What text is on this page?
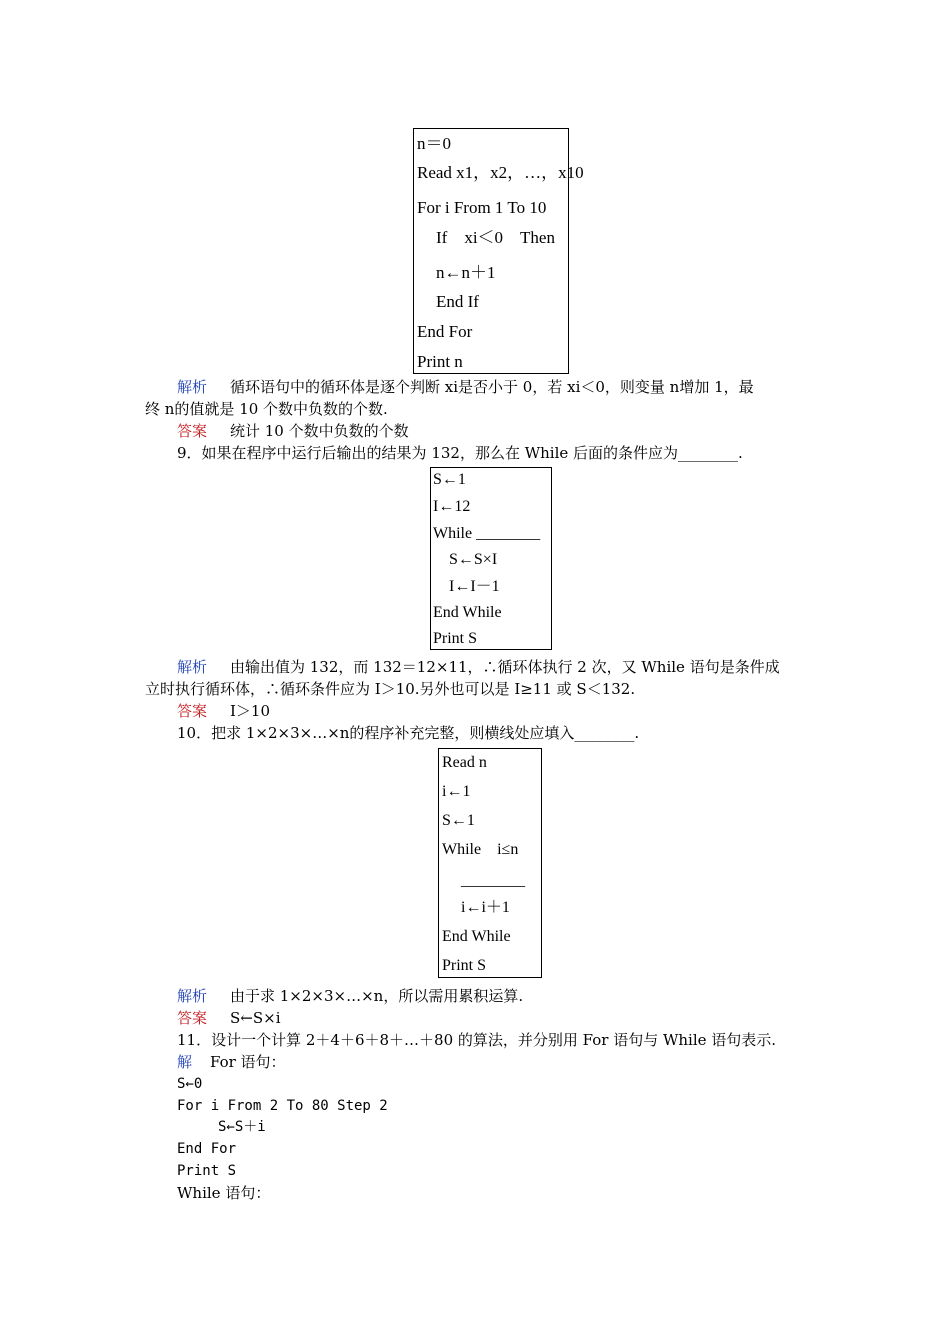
n＝0
Read x1，x2，…，x10
For i From 1 To 10
If　xi＜0　Then
n←n＋1
End If
End For
Print n
解析 循环语句中的循环体是逐个判断 xi是否小于 0，若 xi＜0，则变量 n增加 1，最
终 n的值就是 10 个数中负数的个数.
答案 统计 10 个数中负数的个数
9．如果在程序中运行后输出的结果为 132，那么在 While 后面的条件应为________.
S←1
I←12
While ________
S←S×I
I←I－1
End While
Print S
解析 由输出值为 132，而 132＝12×11，∴循环体执行 2 次，又 While 语句是条件成
立时执行循环体，∴循环条件应为 I＞10.另外也可以是 I≥11 或 S＜132.
答案 I＞10
10．把求 1×2×3×…×n的程序补充完整，则横线处应填入________.
Read n
i←1
S←1
While　i≤n
________
i←i＋1
End While
Print S
解析 由于求 1×2×3×…×n，所以需用累积运算.
答案 S←S×i
11．设计一个计算 2＋4＋6＋8＋…＋80 的算法，并分别用 For 语句与 While 语句表示.
解 For 语句：
S←0
For i From 2 To 80 Step 2
S←S＋i
End For
Print S
While 语句：
